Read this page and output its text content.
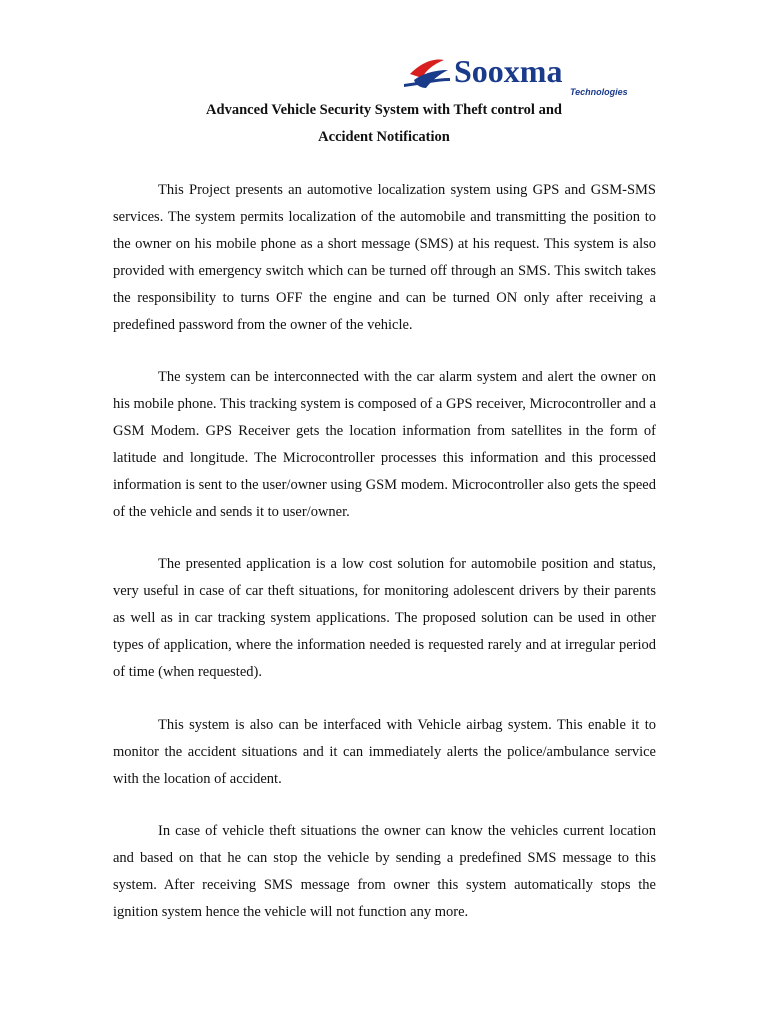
Sooxma
Technologies
Advanced Vehicle Security System with Theft control and
Accident Notification

This Project presents an automotive localization system using GPS and GSM-SMS services. The system permits localization of the automobile and transmitting the position to the owner on his mobile phone as a short message (SMS) at his request. This system is also provided with emergency switch which can be turned off through an SMS. This switch takes the responsibility to turns OFF the engine and can be turned ON only after receiving a predefined password from the owner of the vehicle.

The system can be interconnected with the car alarm system and alert the owner on his mobile phone. This tracking system is composed of a GPS receiver, Microcontroller and a GSM Modem. GPS Receiver gets the location information from satellites in the form of latitude and longitude. The Microcontroller processes this information and this processed information is sent to the user/owner using GSM modem. Microcontroller also gets the speed of the vehicle and sends it to user/owner.

The presented application is a low cost solution for automobile position and status, very useful in case of car theft situations, for monitoring adolescent drivers by their parents as well as in car tracking system applications. The proposed solution can be used in other types of application, where the information needed is requested rarely and at irregular period of time (when requested).

This system is also can be interfaced with Vehicle airbag system. This enable it to monitor the accident situations and it can immediately alerts the police/ambulance service with the location of accident.

In case of vehicle theft situations the owner can know the vehicles current location and based on that he can stop the vehicle by sending a predefined SMS message to this system. After receiving SMS message from owner this system automatically stops the ignition system hence the vehicle will not function any more.
